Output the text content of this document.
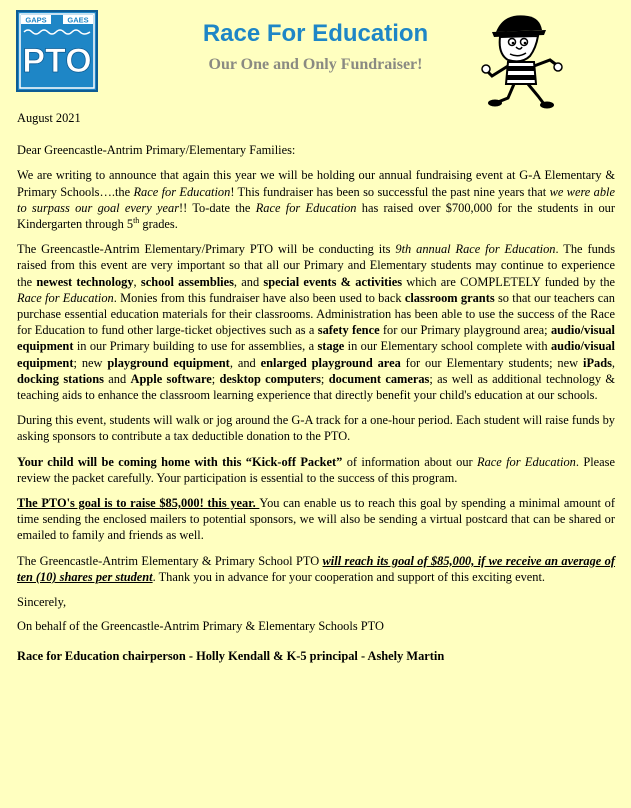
GAPS	GAES
PTO
Race For Education
Our One and Only Fundraiser!

August 2021

Dear Greencastle-Antrim Primary/Elementary Families:

We are writing to announce that again this year we will be holding our annual fundraising event at G-A Elementary & Primary Schools….the Race for Education! This fundraiser has been so successful the past nine years that we were able to surpass our goal every year!! To-date the Race for Education has raised over $700,000 for the students in our Kindergarten through 5th grades.

The Greencastle-Antrim Elementary/Primary PTO will be conducting its 9th annual Race for Education. The funds raised from this event are very important so that all our Primary and Elementary students may continue to experience the newest technology, school assemblies, and special events & activities which are COMPLETELY funded by the Race for Education. Monies from this fundraiser have also been used to back classroom grants so that our teachers can purchase essential education materials for their classrooms. Administration has been able to use the success of the Race for Education to fund other large-ticket objectives such as a safety fence for our Primary playground area; audio/visual equipment in our Primary building to use for assemblies, a stage in our Elementary school complete with audio/visual equipment; new playground equipment, and enlarged playground area for our Elementary students; new iPads, docking stations and Apple software; desktop computers; document cameras; as well as additional technology & teaching aids to enhance the classroom learning experience that directly benefit your child's education at our schools.

During this event, students will walk or jog around the G-A track for a one-hour period. Each student will raise funds by asking sponsors to contribute a tax deductible donation to the PTO.

Your child will be coming home with this “Kick-off Packet” of information about our Race for Education. Please review the packet carefully. Your participation is essential to the success of this program.

The PTO's goal is to raise $85,000! this year. You can enable us to reach this goal by spending a minimal amount of time sending the enclosed mailers to potential sponsors, we will also be sending a virtual postcard that can be shared or emailed to family and friends as well.

The Greencastle-Antrim Elementary & Primary School PTO will reach its goal of $85,000, if we receive an average of ten (10) shares per student. Thank you in advance for your cooperation and support of this exciting event.

Sincerely,

On behalf of the Greencastle-Antrim Primary & Elementary Schools PTO

Race for Education chairperson - Holly Kendall & K-5 principal - Ashely Martin
